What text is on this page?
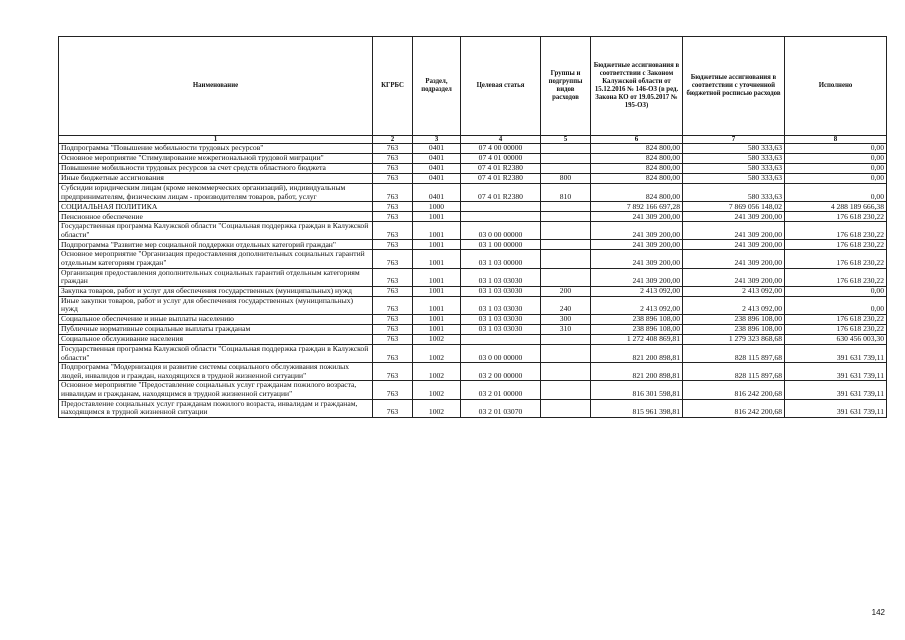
Наименование	КГРБС	Раздел, подраздел	Целевая статья	Группы и подгруппы видов расходов	Бюджетные ассигнования в соответствии с Законом Калужской области от 15.12.2016 № 146-ОЗ (в ред. Закона КО от 19.05.2017 № 195-ОЗ)	Бюджетные ассигнования в соответствии с уточненной бюджетной росписью расходов	Исполнено
1	2	3	4	5	6	7	8
Подпрограмма "Повышение мобильности трудовых ресурсов"	763	0401	07 4 00 00000		824 800,00	580 333,63	0,00
Основное мероприятие "Стимулирование межрегиональной трудовой миграции"	763	0401	07 4 01 00000		824 800,00	580 333,63	0,00
Повышение мобильности трудовых ресурсов за счет средств областного бюджета	763	0401	07 4 01 R2380		824 800,00	580 333,63	0,00
Иные бюджетные ассигнования	763	0401	07 4 01 R2380	800	824 800,00	580 333,63	0,00
Субсидии юридическим лицам (кроме некоммерческих организаций), индивидуальным предпринимателям, физическим лицам - производителям товаров, работ, услуг	763	0401	07 4 01 R2380	810	824 800,00	580 333,63	0,00
СОЦИАЛЬНАЯ ПОЛИТИКА	763	1000			7 892 166 697,28	7 869 056 148,02	4 288 189 666,38
Пенсионное обеспечение	763	1001			241 309 200,00	241 309 200,00	176 618 230,22
Государственная программа Калужской области "Социальная поддержка граждан в Калужской области"	763	1001	03 0 00 00000		241 309 200,00	241 309 200,00	176 618 230,22
Подпрограмма "Развитие мер социальной поддержки отдельных категорий граждан"	763	1001	03 1 00 00000		241 309 200,00	241 309 200,00	176 618 230,22
Основное мероприятие "Организация предоставления дополнительных социальных гарантий отдельным категориям граждан"	763	1001	03 1 03 00000		241 309 200,00	241 309 200,00	176 618 230,22
Организация предоставления дополнительных социальных гарантий отдельным категориям граждан	763	1001	03 1 03 03030		241 309 200,00	241 309 200,00	176 618 230,22
Закупка товаров, работ и услуг для обеспечения государственных (муниципальных) нужд	763	1001	03 1 03 03030	200	2 413 092,00	2 413 092,00	0,00
Иные закупки товаров, работ и услуг для обеспечения государственных (муниципальных) нужд	763	1001	03 1 03 03030	240	2 413 092,00	2 413 092,00	0,00
Социальное обеспечение и иные выплаты населению	763	1001	03 1 03 03030	300	238 896 108,00	238 896 108,00	176 618 230,22
Публичные нормативные социальные выплаты гражданам	763	1001	03 1 03 03030	310	238 896 108,00	238 896 108,00	176 618 230,22
Социальное обслуживание населения	763	1002			1 272 408 869,81	1 279 323 868,68	630 456 003,30
Государственная программа Калужской области "Социальная поддержка граждан в Калужской области"	763	1002	03 0 00 00000		821 200 898,81	828 115 897,68	391 631 739,11
Подпрограмма "Модернизация и развитие системы социального обслуживания пожилых людей, инвалидов и граждан, находящихся в трудной жизненной ситуации"	763	1002	03 2 00 00000		821 200 898,81	828 115 897,68	391 631 739,11
Основное мероприятие "Предоставление социальных услуг гражданам пожилого возраста, инвалидам и гражданам, находящимся в трудной жизненной ситуации"	763	1002	03 2 01 00000		816 301 598,81	816 242 200,68	391 631 739,11
Предоставление социальных услуг гражданам пожилого возраста, инвалидам и гражданам, находящимся в трудной жизненной ситуации	763	1002	03 2 01 03070		815 961 398,81	816 242 200,68	391 631 739,11
142
